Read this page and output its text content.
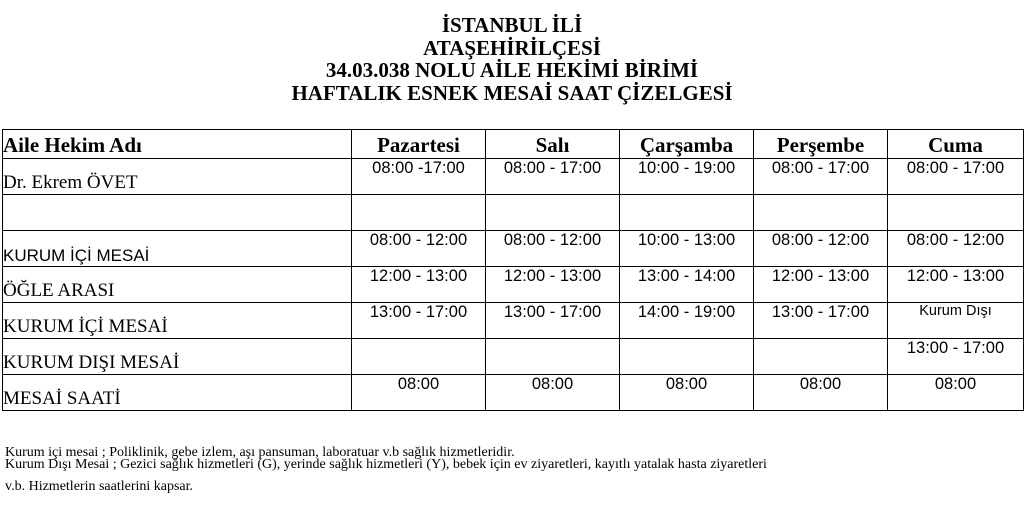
İSTANBUL İLİ
ATAŞEHİRİLÇESİ
34.03.038 NOLU AİLE HEKİMİ BİRİMİ
HAFTALIK ESNEK MESAİ SAAT ÇİZELGESİ
Aile Hekim Adı	Pazartesi	Salı	Çarşamba	Perşembe	Cuma
Dr. Ekrem ÖVET	08:00 -17:00	08:00 - 17:00	10:00 - 19:00	08:00 - 17:00	08:00 - 17:00

KURUM İÇİ MESAİ	08:00 - 12:00	08:00 - 12:00	10:00 - 13:00	08:00 - 12:00	08:00 - 12:00
ÖĞLE ARASI	12:00 - 13:00	12:00 - 13:00	13:00 - 14:00	12:00 - 13:00	12:00 - 13:00
KURUM İÇİ MESAİ	13:00 - 17:00	13:00 - 17:00	14:00 - 19:00	13:00 - 17:00	Kurum Dışı
KURUM DIŞI MESAİ					13:00 - 17:00
MESAİ SAATİ	08:00	08:00	08:00	08:00	08:00
Kurum içi mesai ; Poliklinik, gebe izlem, aşı pansuman, laboratuar v.b sağlık hizmetleridir.
Kurum Dışı Mesai ; Gezici sağlık hizmetleri (G), yerinde sağlık hizmetleri (Y), bebek için ev ziyaretleri, kayıtlı yatalak hasta ziyaretleri
v.b. Hizmetlerin saatlerini kapsar.
